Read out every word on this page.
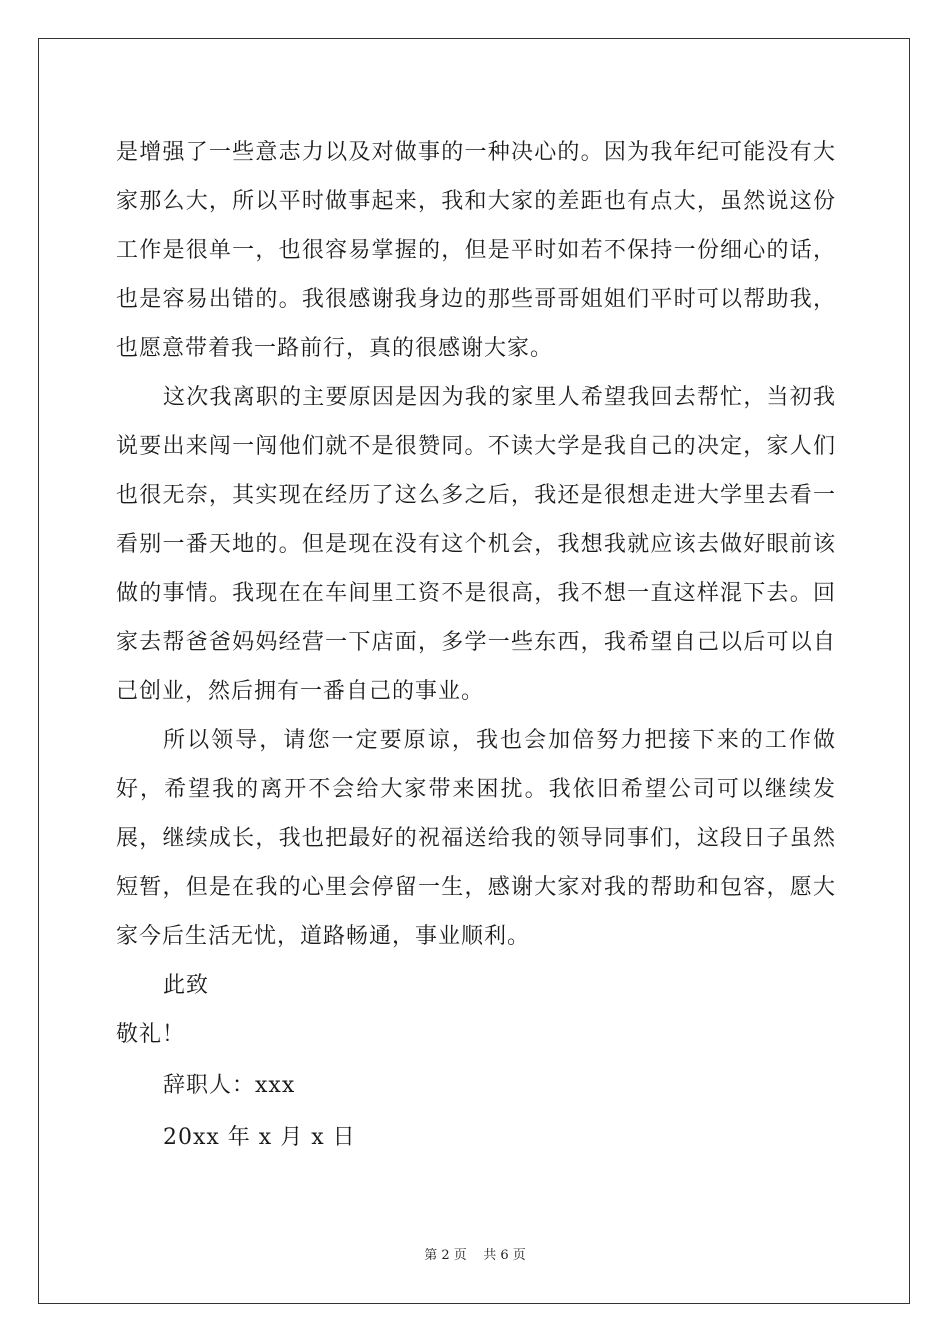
是增强了一些意志力以及对做事的一种决心的。因为我年纪可能没有大家那么大，所以平时做事起来，我和大家的差距也有点大，虽然说这份工作是很单一，也很容易掌握的，但是平时如若不保持一份细心的话，也是容易出错的。我很感谢我身边的那些哥哥姐姐们平时可以帮助我，也愿意带着我一路前行，真的很感谢大家。

这次我离职的主要原因是因为我的家里人希望我回去帮忙，当初我说要出来闯一闯他们就不是很赞同。不读大学是我自己的决定，家人们也很无奈，其实现在经历了这么多之后，我还是很想走进大学里去看一看别一番天地的。但是现在没有这个机会，我想我就应该去做好眼前该做的事情。我现在在车间里工资不是很高，我不想一直这样混下去。回家去帮爸爸妈妈经营一下店面，多学一些东西，我希望自己以后可以自己创业，然后拥有一番自己的事业。

所以领导，请您一定要原谅，我也会加倍努力把接下来的工作做好，希望我的离开不会给大家带来困扰。我依旧希望公司可以继续发展，继续成长，我也把最好的祝福送给我的领导同事们，这段日子虽然短暂，但是在我的心里会停留一生，感谢大家对我的帮助和包容，愿大家今后生活无忧，道路畅通，事业顺利。

此致

敬礼！

辞职人：xxx

20xx 年 x 月 x 日

第 2 页    共 6 页
